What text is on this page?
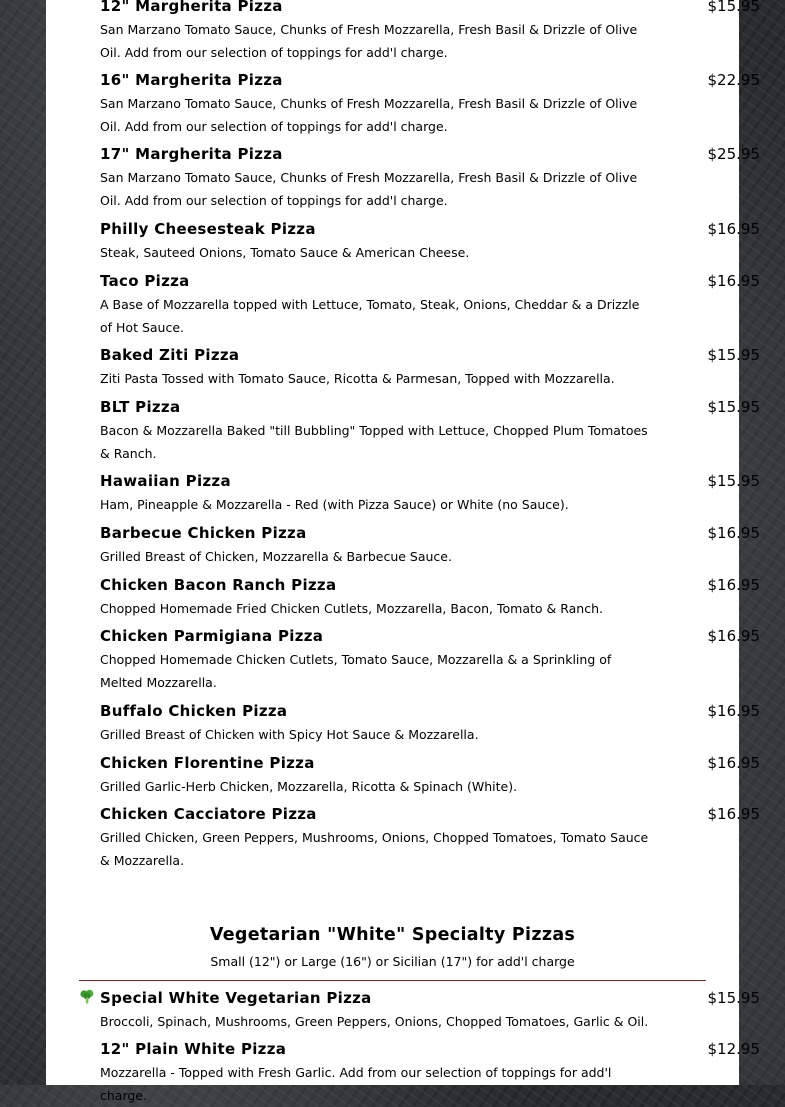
12" Margherita Pizza	$15.95
San Marzano Tomato Sauce, Chunks of Fresh Mozzarella, Fresh Basil & Drizzle of Olive Oil. Add from our selection of toppings for add'l charge.
16" Margherita Pizza	$22.95
San Marzano Tomato Sauce, Chunks of Fresh Mozzarella, Fresh Basil & Drizzle of Olive Oil. Add from our selection of toppings for add'l charge.
17" Margherita Pizza	$25.95
San Marzano Tomato Sauce, Chunks of Fresh Mozzarella, Fresh Basil & Drizzle of Olive Oil. Add from our selection of toppings for add'l charge.
Philly Cheesesteak Pizza	$16.95
Steak, Sauteed Onions, Tomato Sauce & American Cheese.
Taco Pizza	$16.95
A Base of Mozzarella topped with Lettuce, Tomato, Steak, Onions, Cheddar & a Drizzle of Hot Sauce.
Baked Ziti Pizza	$15.95
Ziti Pasta Tossed with Tomato Sauce, Ricotta & Parmesan, Topped with Mozzarella.
BLT Pizza	$15.95
Bacon & Mozzarella Baked "till Bubbling" Topped with Lettuce, Chopped Plum Tomatoes & Ranch.
Hawaiian Pizza	$15.95
Ham, Pineapple & Mozzarella - Red (with Pizza Sauce) or White (no Sauce).
Barbecue Chicken Pizza	$16.95
Grilled Breast of Chicken, Mozzarella & Barbecue Sauce.
Chicken Bacon Ranch Pizza	$16.95
Chopped Homemade Fried Chicken Cutlets, Mozzarella, Bacon, Tomato & Ranch.
Chicken Parmigiana Pizza	$16.95
Chopped Homemade Chicken Cutlets, Tomato Sauce, Mozzarella & a Sprinkling of Melted Mozzarella.
Buffalo Chicken Pizza	$16.95
Grilled Breast of Chicken with Spicy Hot Sauce & Mozzarella.
Chicken Florentine Pizza	$16.95
Grilled Garlic-Herb Chicken, Mozzarella, Ricotta & Spinach (White).
Chicken Cacciatore Pizza	$16.95
Grilled Chicken, Green Peppers, Mushrooms, Onions, Chopped Tomatoes, Tomato Sauce & Mozzarella.
Vegetarian "White" Specialty Pizzas
Small (12") or Large (16") or Sicilian (17") for add'l charge
Special White Vegetarian Pizza	$15.95
Broccoli, Spinach, Mushrooms, Green Peppers, Onions, Chopped Tomatoes, Garlic & Oil.
12" Plain White Pizza	$12.95
Mozzarella - Topped with Fresh Garlic. Add from our selection of toppings for add'l charge.
